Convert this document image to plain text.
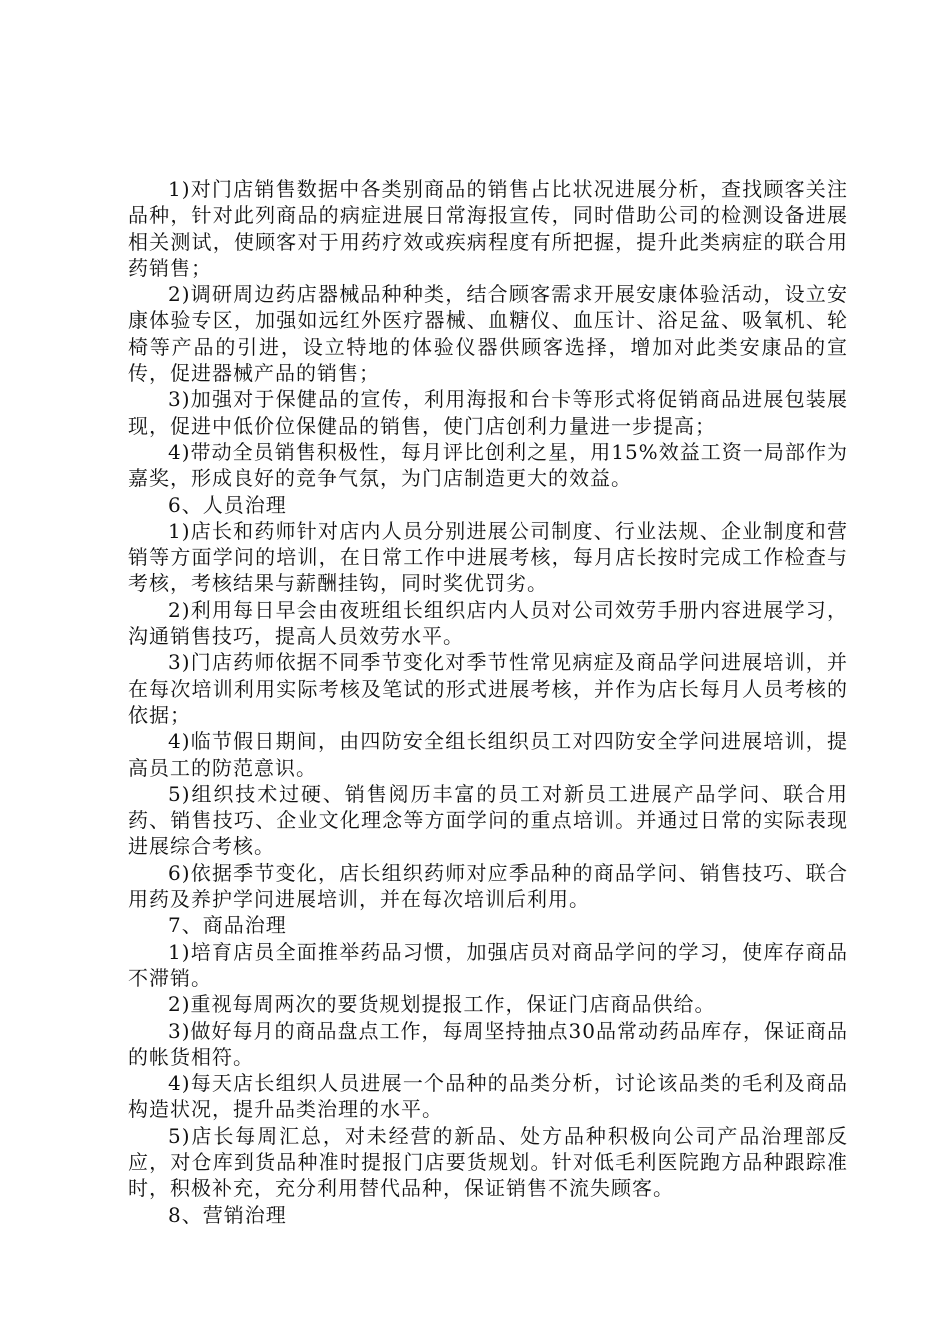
1)对门店销售数据中各类别商品的销售占比状况进展分析，查找顾客关注品种，针对此列商品的病症进展日常海报宣传，同时借助公司的检测设备进展相关测试，使顾客对于用药疗效或疾病程度有所把握，提升此类病症的联合用药销售；

2)调研周边药店器械品种种类，结合顾客需求开展安康体验活动，设立安康体验专区，加强如远红外医疗器械、血糖仪、血压计、浴足盆、吸氧机、轮椅等产品的引进，设立特地的体验仪器供顾客选择，增加对此类安康品的宣传，促进器械产品的销售；

3)加强对于保健品的宣传，利用海报和台卡等形式将促销商品进展包装展现，促进中低价位保健品的销售，使门店创利力量进一步提高；

4)带动全员销售积极性，每月评比创利之星，用15%效益工资一局部作为嘉奖，形成良好的竞争气氛，为门店制造更大的效益。

6、人员治理

1)店长和药师针对店内人员分别进展公司制度、行业法规、企业制度和营销等方面学问的培训，在日常工作中进展考核，每月店长按时完成工作检查与考核，考核结果与薪酬挂钩，同时奖优罚劣。

2)利用每日早会由夜班组长组织店内人员对公司效劳手册内容进展学习，沟通销售技巧，提高人员效劳水平。

3)门店药师依据不同季节变化对季节性常见病症及商品学问进展培训，并在每次培训利用实际考核及笔试的形式进展考核，并作为店长每月人员考核的依据；

4)临节假日期间，由四防安全组长组织员工对四防安全学问进展培训，提高员工的防范意识。

5)组织技术过硬、销售阅历丰富的员工对新员工进展产品学问、联合用药、销售技巧、企业文化理念等方面学问的重点培训。并通过日常的实际表现进展综合考核。

6)依据季节变化，店长组织药师对应季品种的商品学问、销售技巧、联合用药及养护学问进展培训，并在每次培训后利用。

7、商品治理

1)培育店员全面推举药品习惯，加强店员对商品学问的学习，使库存商品不滞销。

2)重视每周两次的要货规划提报工作，保证门店商品供给。

3)做好每月的商品盘点工作，每周坚持抽点30品常动药品库存，保证商品的帐货相符。

4)每天店长组织人员进展一个品种的品类分析，讨论该品类的毛利及商品构造状况，提升品类治理的水平。

5)店长每周汇总，对未经营的新品、处方品种积极向公司产品治理部反应，对仓库到货品种准时提报门店要货规划。针对低毛利医院跑方品种跟踪准时，积极补充，充分利用替代品种，保证销售不流失顾客。

8、营销治理
